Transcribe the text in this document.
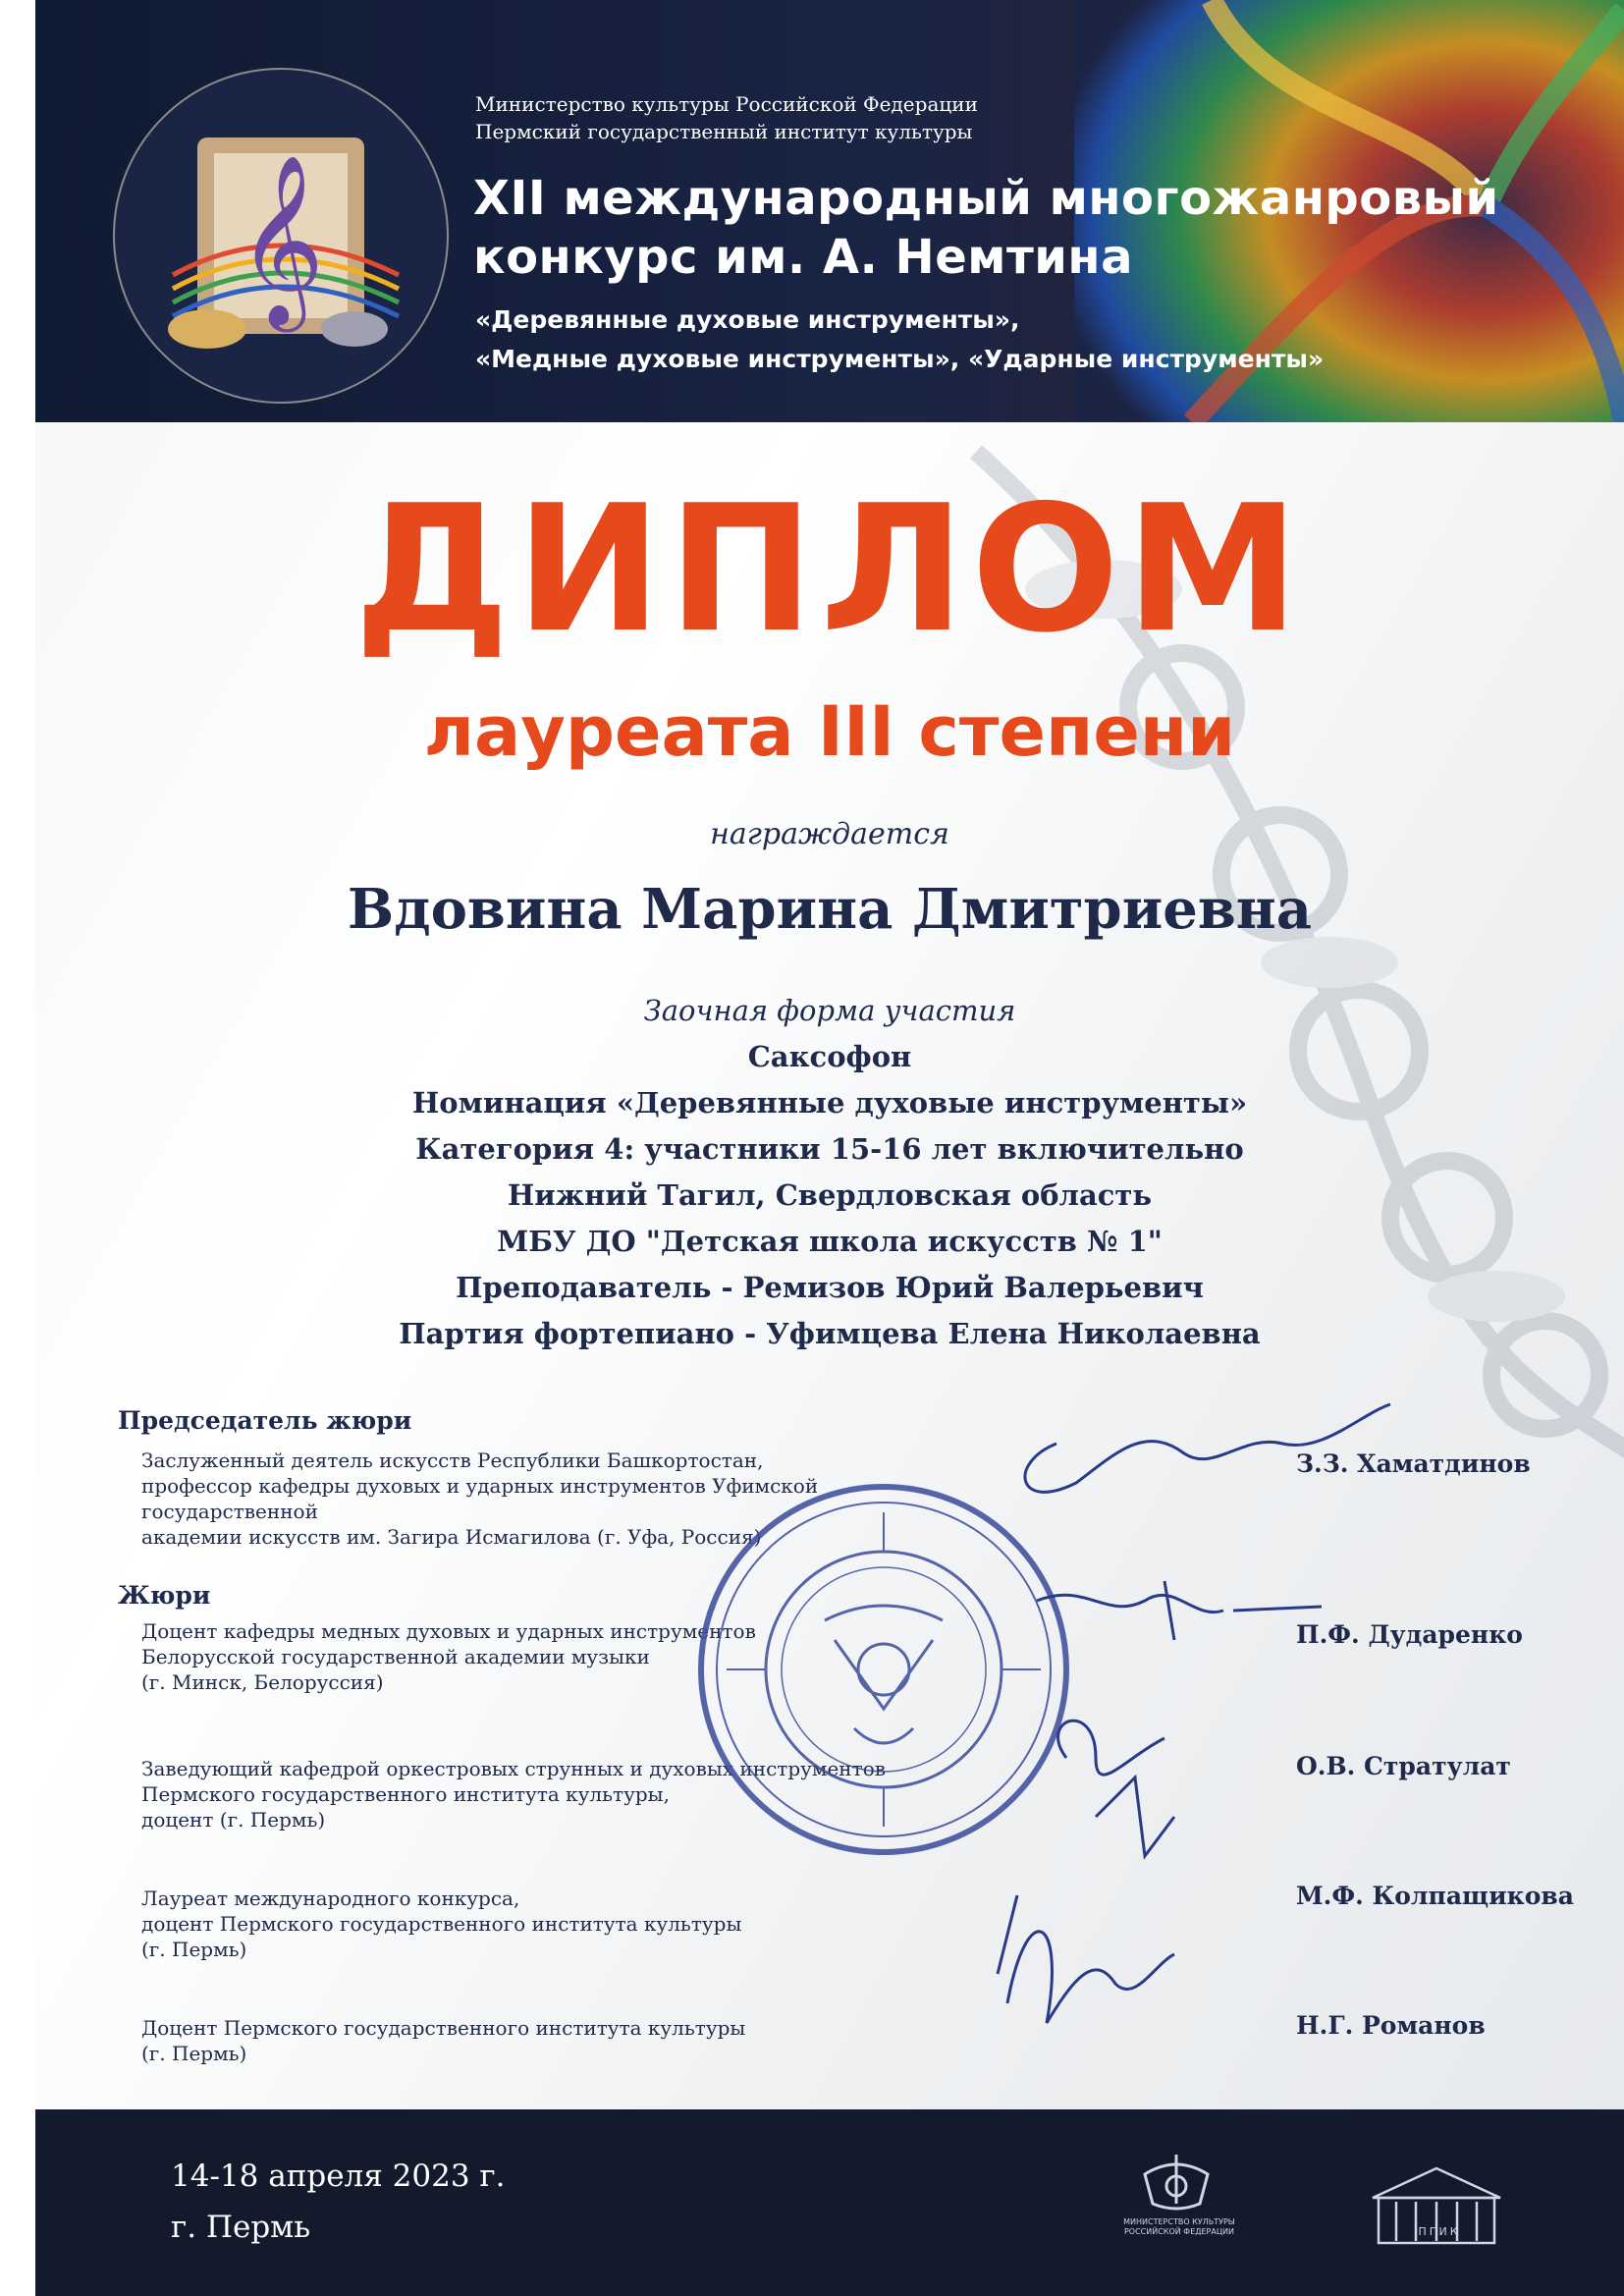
𝄞
Министерство культуры Российской Федерации
Пермский государственный институт культуры
XII международный многожанровый
конкурс им. А. Немтина
«Деревянные духовые инструменты»,
«Медные духовые инструменты», «Ударные инструменты»
ДИПЛОМ
лауреата III степени
награждается
Вдовина Марина Дмитриевна
Заочная форма участия
Саксофон
Номинация «Деревянные духовые инструменты»
Категория 4: участники 15-16 лет включительно
Нижний Тагил, Свердловская область
МБУ ДО "Детская школа искусств № 1"
Преподаватель - Ремизов Юрий Валерьевич
Партия фортепиано - Уфимцева Елена Николаевна
Председатель жюри
Заслуженный деятель искусств Республики Башкортостан,
профессор кафедры духовых и ударных инструментов Уфимской государственной
академии искусств им. Загира Исмагилова (г. Уфа, Россия)
З.З. Хаматдинов
Жюри
Доцент кафедры медных духовых и ударных инструментов
Белорусской государственной академии музыки
(г. Минск, Белоруссия)
П.Ф. Дударенко
Заведующий кафедрой оркестровых струнных и духовых инструментов
Пермского государственного института культуры,
доцент (г. Пермь)
О.В. Стратулат
Лауреат международного конкурса,
доцент Пермского государственного института культуры
(г. Пермь)
М.Ф. Колпащикова
Доцент Пермского государственного института культуры
(г. Пермь)
Н.Г. Романов
14-18 апреля 2023 г.
г. Пермь	МИНИСТЕРСТВО КУЛЬТУРЫ
РОССИЙСКОЙ ФЕДЕРАЦИИ	ПГИК
